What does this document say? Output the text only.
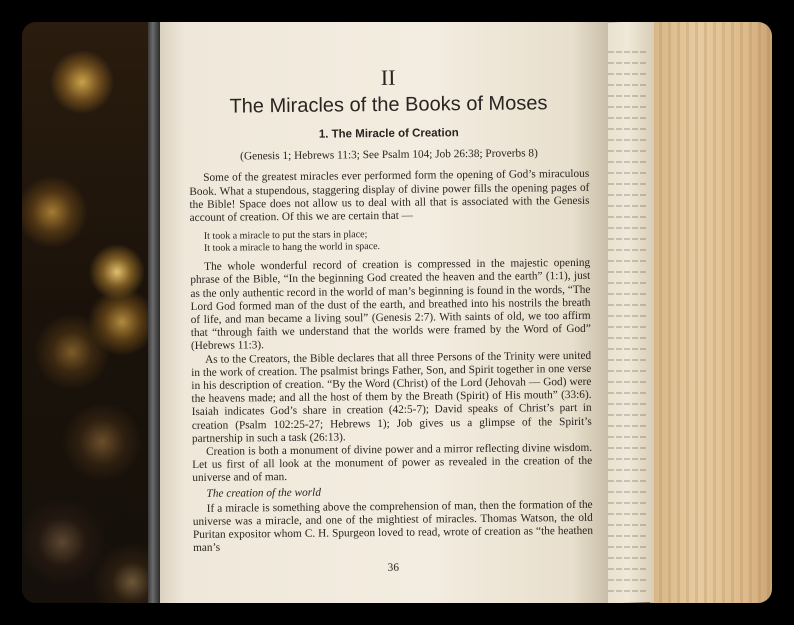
II
The Miracles of the Books of Moses
1. The Miracle of Creation
(Genesis 1; Hebrews 11:3; See Psalm 104; Job 26:38; Proverbs 8)

Some of the greatest miracles ever performed form the opening of God’s miraculous Book. What a stupendous, staggering display of divine power fills the opening pages of the Bible! Space does not allow us to deal with all that is associated with the Genesis account of creation. Of this we are certain that —

It took a miracle to put the stars in place;
It took a miracle to hang the world in space.

The whole wonderful record of creation is compressed in the majestic opening phrase of the Bible, “In the beginning God created the heaven and the earth” (1:1), just as the only authentic record in the world of man’s beginning is found in the words, “The Lord God formed man of the dust of the earth, and breathed into his nostrils the breath of life, and man became a living soul” (Genesis 2:7). With saints of old, we too affirm that “through faith we understand that the worlds were framed by the Word of God” (Hebrews 11:3).

As to the Creators, the Bible declares that all three Persons of the Trinity were united in the work of creation. The psalmist brings Father, Son, and Spirit together in one verse in his description of creation. “By the Word (Christ) of the Lord (Jehovah — God) were the heavens made; and all the host of them by the Breath (Spirit) of His mouth” (33:6). Isaiah indicates God’s share in creation (42:5-7); David speaks of Christ’s part in creation (Psalm 102:25-27; Hebrews 1); Job gives us a glimpse of the Spirit’s partnership in such a task (26:13).

Creation is both a monument of divine power and a mirror reflecting divine wisdom. Let us first of all look at the monument of power as revealed in the creation of the universe and of man.

The creation of the world

If a miracle is something above the comprehension of man, then the formation of the universe was a miracle, and one of the mightiest of miracles. Thomas Watson, the old Puritan expositor whom C. H. Spurgeon loved to read, wrote of creation as “the heathen man’s

36
